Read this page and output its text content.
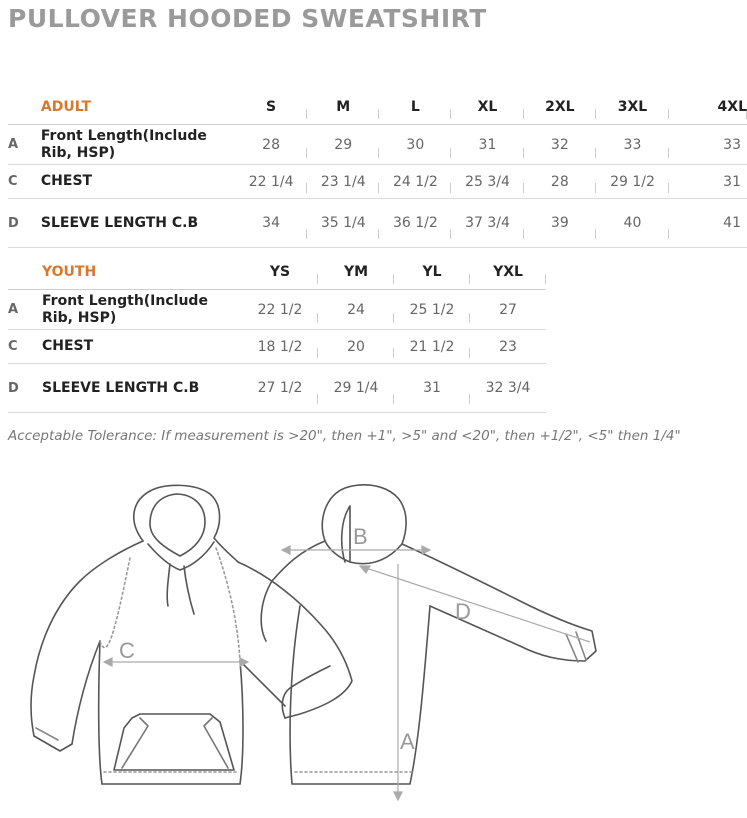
PULLOVER HOODED SWEATSHIRT
	ADULT	S	M	L	XL	2XL	3XL	4XL
A	Front Length(Include Rib, HSP)	28	29	30	31	32	33	33
C	CHEST	22 1/4	23 1/4	24 1/2	25 3/4	28	29 1/2	31
D	SLEEVE LENGTH C.B	34	35 1/4	36 1/2	37 3/4	39	40	41
	YOUTH	YS	YM	YL	YXL
A	Front Length(Include Rib, HSP)	22 1/2	24	25 1/2	27
C	CHEST	18 1/2	20	21 1/2	23
D	SLEEVE LENGTH C.B	27 1/2	29 1/4	31	32 3/4
Acceptable Tolerance: If measurement is >20", then +1", >5" and <20", then +1/2", <5" then 1/4"
C
B
A
D
